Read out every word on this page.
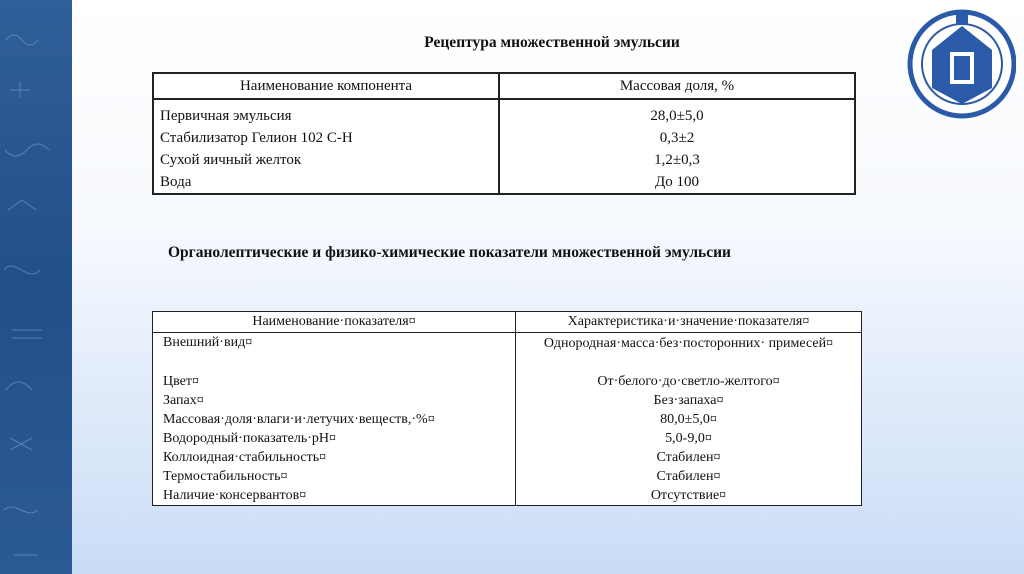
Рецептура множественной эмульсии
Наименование компонента	Массовая доля, %
Первичная эмульсия	28,0±5,0
Стабилизатор Гелион 102 С-Н	0,3±2
Сухой яичный желток	1,2±0,3
Вода	До 100
Органолептические и физико-химические показатели множественной эмульсии
Наименование·показателя¤	Характеристика·и·значение·показателя¤
Внешний·вид¤	Однородная·масса·без·посторонних· примесей¤
Цвет¤	От·белого·до·светло-желтого¤
Запах¤	Без·запаха¤
Массовая·доля·влаги·и·летучих·веществ,·%¤	80,0±5,0¤
Водородный·показатель·рН¤	5,0-9,0¤
Коллоидная·стабильность¤	Стабилен¤
Термостабильность¤	Стабилен¤
Наличие·консервантов¤	Отсутствие¤
